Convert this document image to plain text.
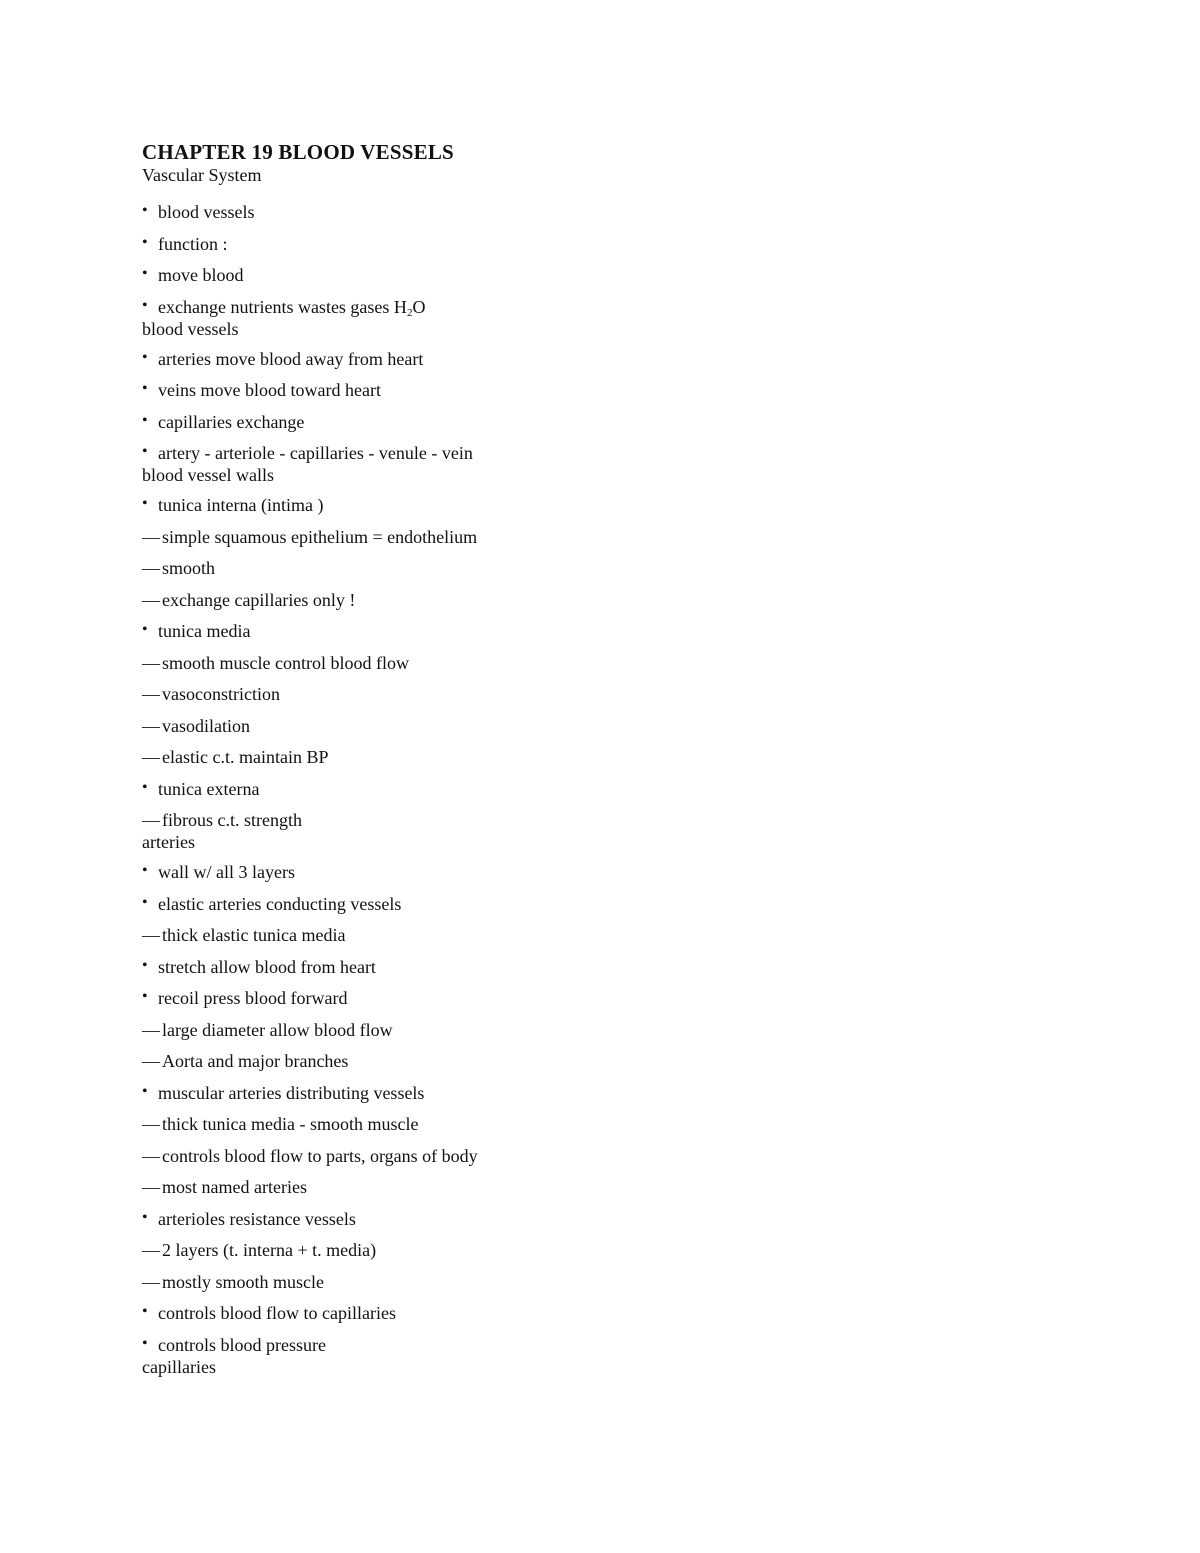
CHAPTER 19 BLOOD VESSELS
Vascular System
• blood vessels
• function :
• move blood
• exchange nutrients wastes gases H2O
blood vessels
• arteries move blood away from heart
• veins move blood toward heart
• capillaries exchange
• artery - arteriole - capillaries - venule - vein
blood vessel walls
• tunica interna (intima )
— simple squamous epithelium = endothelium
— smooth
— exchange capillaries only !
• tunica media
— smooth muscle control blood flow
— vasoconstriction
— vasodilation
— elastic c.t. maintain BP
• tunica externa
— fibrous c.t. strength
arteries
• wall w/ all 3 layers
• elastic arteries conducting vessels
— thick elastic tunica media
• stretch allow blood from heart
• recoil press blood forward
— large diameter allow blood flow
— Aorta and major branches
• muscular arteries distributing vessels
— thick tunica media - smooth muscle
— controls blood flow to parts, organs of body
— most named arteries
• arterioles resistance vessels
— 2 layers (t. interna + t. media)
— mostly smooth muscle
• controls blood flow to capillaries
• controls blood pressure
capillaries
